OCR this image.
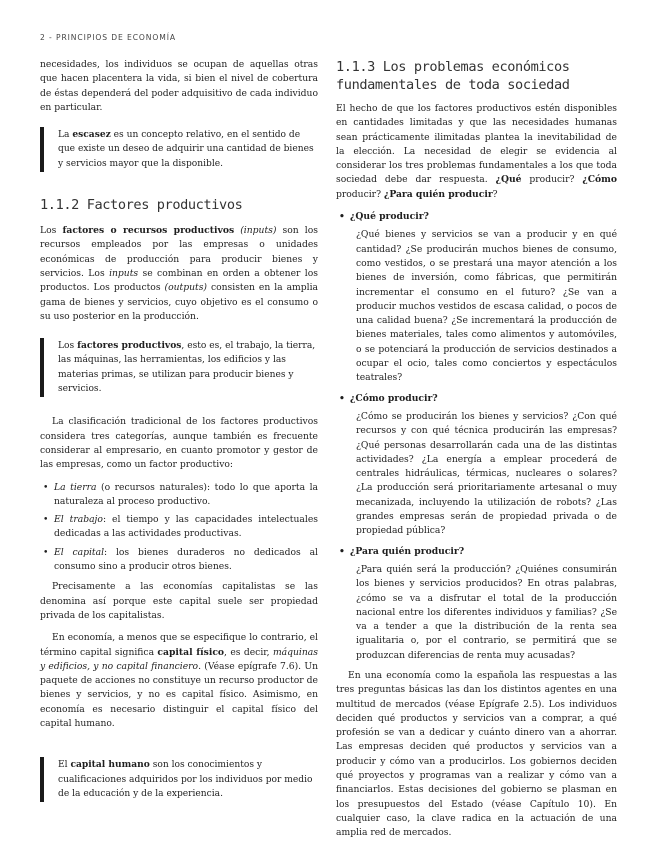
2 - PRINCIPIOS DE ECONOMÍA

necesidades, los individuos se ocupan de aquellas otras que hacen placentera la vida, si bien el nivel de cobertura de éstas dependerá del poder adquisitivo de cada individuo en particular.

La escasez es un concepto relativo, en el sentido de que existe un deseo de adquirir una cantidad de bienes y servicios mayor que la disponible.
1.1.2 Factores productivos

Los factores o recursos productivos (inputs) son los recursos empleados por las empresas o unidades económicas de producción para producir bienes y servicios. Los inputs se combinan en orden a obtener los productos. Los productos (outputs) consisten en la amplia gama de bienes y servicios, cuyo objetivo es el consumo o su uso posterior en la producción.

Los factores productivos, esto es, el trabajo, la tierra, las máquinas, las herramientas, los edificios y las materias primas, se utilizan para producir bienes y servicios.

La clasificación tradicional de los factores productivos considera tres categorías, aunque también es frecuente considerar al empresario, en cuanto promotor y gestor de las empresas, como un factor productivo:

• La tierra (o recursos naturales): todo lo que aporta la naturaleza al proceso productivo.
• El trabajo: el tiempo y las capacidades intelectuales dedicadas a las actividades productivas.
• El capital: los bienes duraderos no dedicados al consumo sino a producir otros bienes.

Precisamente a las economías capitalistas se las denomina así porque este capital suele ser propiedad privada de los capitalistas.

En economía, a menos que se especifique lo contrario, el término capital significa capital físico, es decir, máquinas y edificios, y no capital financiero. (Véase epígrafe 7.6). Un paquete de acciones no constituye un recurso productor de bienes y servicios, y no es capital físico. Asimismo, en economía es necesario distinguir el capital físico del capital humano.

El capital humano son los conocimientos y cualificaciones adquiridos por los individuos por medio de la educación y de la experiencia.
1.1.3 Los problemas económicos fundamentales de toda sociedad

El hecho de que los factores productivos estén disponibles en cantidades limitadas y que las necesidades humanas sean prácticamente ilimitadas plantea la inevitabilidad de la elección. La necesidad de elegir se evidencia al considerar los tres problemas fundamentales a los que toda sociedad debe dar respuesta. ¿Qué producir? ¿Cómo producir? ¿Para quién producir?

• ¿Qué producir?
¿Qué bienes y servicios se van a producir y en qué cantidad? ¿Se producirán muchos bienes de consumo, como vestidos, o se prestará una mayor atención a los bienes de inversión, como fábricas, que permitirán incrementar el consumo en el futuro? ¿Se van a producir muchos vestidos de escasa calidad, o pocos de una calidad buena? ¿Se incrementará la producción de bienes materiales, tales como alimentos y automóviles, o se potenciará la producción de servicios destinados a ocupar el ocio, tales como conciertos y espectáculos teatrales?
• ¿Cómo producir?
¿Cómo se producirán los bienes y servicios? ¿Con qué recursos y con qué técnica producirán las empresas? ¿Qué personas desarrollarán cada una de las distintas actividades? ¿La energía a emplear procederá de centrales hidráulicas, térmicas, nucleares o solares? ¿La producción será prioritariamente artesanal o muy mecanizada, incluyendo la utilización de robots? ¿Las grandes empresas serán de propiedad privada o de propiedad pública?
• ¿Para quién producir?
¿Para quién será la producción? ¿Quiénes consumirán los bienes y servicios producidos? En otras palabras, ¿cómo se va a disfrutar el total de la producción nacional entre los diferentes individuos y familias? ¿Se va a tender a que la distribución de la renta sea igualitaria o, por el contrario, se permitirá que se produzcan diferencias de renta muy acusadas?

En una economía como la española las respuestas a las tres preguntas básicas las dan los distintos agentes en una multitud de mercados (véase Epígrafe 2.5). Los individuos deciden qué productos y servicios van a comprar, a qué profesión se van a dedicar y cuánto dinero van a ahorrar. Las empresas deciden qué productos y servicios van a producir y cómo van a producirlos. Los gobiernos deciden qué proyectos y programas van a realizar y cómo van a financiarlos. Estas decisiones del gobierno se plasman en los presupuestos del Estado (véase Capítulo 10). En cualquier caso, la clave radica en la actuación de una amplia red de mercados.
